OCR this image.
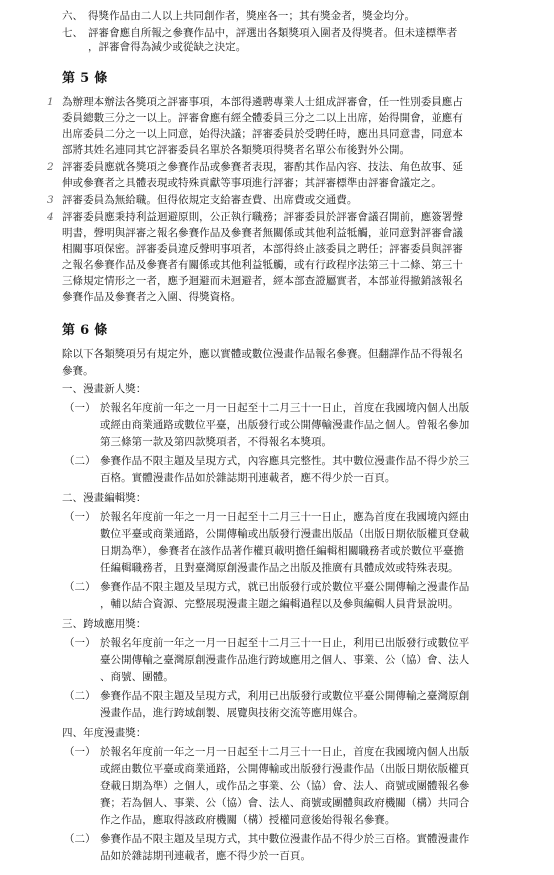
六、 得獎作品由二人以上共同創作者，獎座各一；其有獎金者，獎金均分。
七、 評審會應自所報之參賽作品中，評選出各類獎項入圍者及得獎者。但未達標準者
，評審會得為減少或從缺之決定。
第 5 條
1 為辦理本辦法各獎項之評審事項，本部得遴聘專業人士組成評審會，任一性別委員應占
委員總數三分之一以上。評審會應有經全體委員三分之二以上出席，始得開會，並應有
出席委員二分之一以上同意，始得決議；評審委員於受聘任時，應出具同意書，同意本
部將其姓名連同其它評審委員名單於各類獎項得獎者名單公布後對外公開。
2 評審委員應就各獎項之參賽作品或參賽者表現，審酌其作品內容、技法、角色故事、延
伸或參賽者之具體表現或特殊貢獻等事項進行評審；其評審標準由評審會議定之。
3 評審委員為無給職。但得依規定支給審查費、出席費或交通費。
4 評審委員應秉持利益迴避原則，公正執行職務；評審委員於評審會議召開前，應簽署聲
明書，聲明與評審之報名參賽作品及參賽者無關係或其他利益牴觸，並同意對評審會議
相關事項保密。評審委員違反聲明事項者，本部得終止該委員之聘任；評審委員與評審
之報名參賽作品及參賽者有關係或其他利益牴觸，或有行政程序法第三十二條、第三十
三條規定情形之一者，應予迴避而未迴避者，經本部查證屬實者，本部並得撤銷該報名
參賽作品及參賽者之入圍、得獎資格。
第 6 條
除以下各類獎項另有規定外，應以實體或數位漫畫作品報名參賽。但翻譯作品不得報名
參賽。
一、漫畫新人獎：
（一） 於報名年度前一年之一月一日起至十二月三十一日止，首度在我國境內個人出版
或經由商業通路或數位平臺，出版發行或公開傳輸漫畫作品之個人。曾報名參加
第三條第一款及第四款獎項者，不得報名本獎項。
（二） 參賽作品不限主題及呈現方式，內容應具完整性。其中數位漫畫作品不得少於三
百格。實體漫畫作品如於雜誌期刊連載者，應不得少於一百頁。
二、漫畫編輯獎：
（一） 於報名年度前一年之一月一日起至十二月三十一日止，應為首度在我國境內經由
數位平臺或商業通路，公開傳輸或出版發行漫畫出版品（出版日期依版權頁登載
日期為準），參賽者在該作品著作權頁載明擔任編輯相關職務者或於數位平臺擔
任編輯職務者，且對臺灣原創漫畫作品之出版及推廣有具體成效或特殊表現。
（二） 參賽作品不限主題及呈現方式，就已出版發行或於數位平臺公開傳輸之漫畫作品
，輔以結合資源、完整展現漫畫主題之編輯過程以及參與編輯人員背景說明。
三、跨域應用獎：
（一） 於報名年度前一年之一月一日起至十二月三十一日止，利用已出版發行或數位平
臺公開傳輸之臺灣原創漫畫作品進行跨域應用之個人、事業、公（協）會、法人
、商號、團體。
（二） 參賽作品不限主題及呈現方式，利用已出版發行或數位平臺公開傳輸之臺灣原創
漫畫作品，進行跨域創製、展覽與技術交流等應用媒合。
四、年度漫畫獎：
（一） 於報名年度前一年之一月一日起至十二月三十一日止，首度在我國境內個人出版
或經由數位平臺或商業通路，公開傳輸或出版發行漫畫作品（出版日期依版權頁
登載日期為準）之個人，或作品之事業、公（協）會、法人、商號或團體報名參
賽；若為個人、事業、公（協）會、法人、商號或團體與政府機關（構）共同合
作之作品，應取得該政府機關（構）授權同意後始得報名參賽。
（二） 參賽作品不限主題及呈現方式，其中數位漫畫作品不得少於三百格。實體漫畫作
品如於雜誌期刊連載者，應不得少於一百頁。
